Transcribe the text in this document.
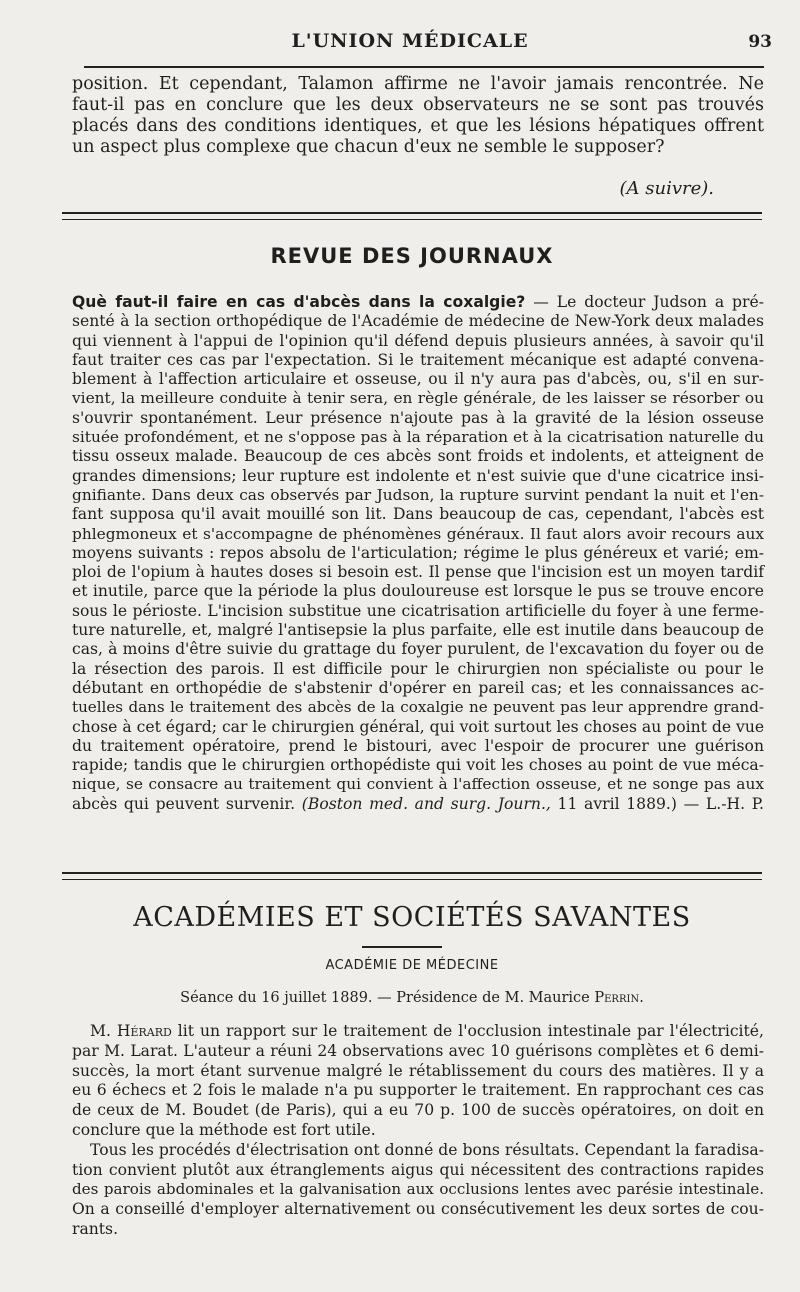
L'UNION MÉDICALE	93
position. Et cependant, Talamon affirme ne l'avoir jamais rencontrée. Ne
faut-il pas en conclure que les deux observateurs ne se sont pas trouvés
placés dans des conditions identiques, et que les lésions hépatiques offrent
un aspect plus complexe que chacun d'eux ne semble le supposer?
(A suivre).
REVUE DES JOURNAUX
Què faut-il faire en cas d'abcès dans la coxalgie? — Le docteur Judson a pré-
senté à la section orthopédique de l'Académie de médecine de New-York deux malades
qui viennent à l'appui de l'opinion qu'il défend depuis plusieurs années, à savoir qu'il
faut traiter ces cas par l'expectation. Si le traitement mécanique est adapté convena-
blement à l'affection articulaire et osseuse, ou il n'y aura pas d'abcès, ou, s'il en sur-
vient, la meilleure conduite à tenir sera, en règle générale, de les laisser se résorber ou
s'ouvrir spontanément. Leur présence n'ajoute pas à la gravité de la lésion osseuse
située profondément, et ne s'oppose pas à la réparation et à la cicatrisation naturelle du
tissu osseux malade. Beaucoup de ces abcès sont froids et indolents, et atteignent de
grandes dimensions; leur rupture est indolente et n'est suivie que d'une cicatrice insi-
gnifiante. Dans deux cas observés par Judson, la rupture survint pendant la nuit et l'en-
fant supposa qu'il avait mouillé son lit. Dans beaucoup de cas, cependant, l'abcès est
phlegmoneux et s'accompagne de phénomènes généraux. Il faut alors avoir recours aux
moyens suivants : repos absolu de l'articulation; régime le plus généreux et varié; em-
ploi de l'opium à hautes doses si besoin est. Il pense que l'incision est un moyen tardif
et inutile, parce que la période la plus douloureuse est lorsque le pus se trouve encore
sous le périoste. L'incision substitue une cicatrisation artificielle du foyer à une ferme-
ture naturelle, et, malgré l'antisepsie la plus parfaite, elle est inutile dans beaucoup de
cas, à moins d'être suivie du grattage du foyer purulent, de l'excavation du foyer ou de
la résection des parois. Il est difficile pour le chirurgien non spécialiste ou pour le
débutant en orthopédie de s'abstenir d'opérer en pareil cas; et les connaissances ac-
tuelles dans le traitement des abcès de la coxalgie ne peuvent pas leur apprendre grand-
chose à cet égard; car le chirurgien général, qui voit surtout les choses au point de vue
du traitement opératoire, prend le bistouri, avec l'espoir de procurer une guérison
rapide; tandis que le chirurgien orthopédiste qui voit les choses au point de vue méca-
nique, se consacre au traitement qui convient à l'affection osseuse, et ne songe pas aux
abcès qui peuvent survenir. (Boston med. and surg. Journ., 11 avril 1889.) — L.-H. P.
ACADÉMIES ET SOCIÉTÉS SAVANTES
ACADÉMIE DE MÉDECINE
Séance du 16 juillet 1889. — Présidence de M. Maurice Perrin.
M. Hérard lit un rapport sur le traitement de l'occlusion intestinale par l'électricité,
par M. Larat. L'auteur a réuni 24 observations avec 10 guérisons complètes et 6 demi-
succès, la mort étant survenue malgré le rétablissement du cours des matières. Il y a
eu 6 échecs et 2 fois le malade n'a pu supporter le traitement. En rapprochant ces cas
de ceux de M. Boudet (de Paris), qui a eu 70 p. 100 de succès opératoires, on doit en
conclure que la méthode est fort utile.
Tous les procédés d'électrisation ont donné de bons résultats. Cependant la faradisa-
tion convient plutôt aux étranglements aigus qui nécessitent des contractions rapides
des parois abdominales et la galvanisation aux occlusions lentes avec parésie intestinale.
On a conseillé d'employer alternativement ou consécutivement les deux sortes de cou-
rants.
